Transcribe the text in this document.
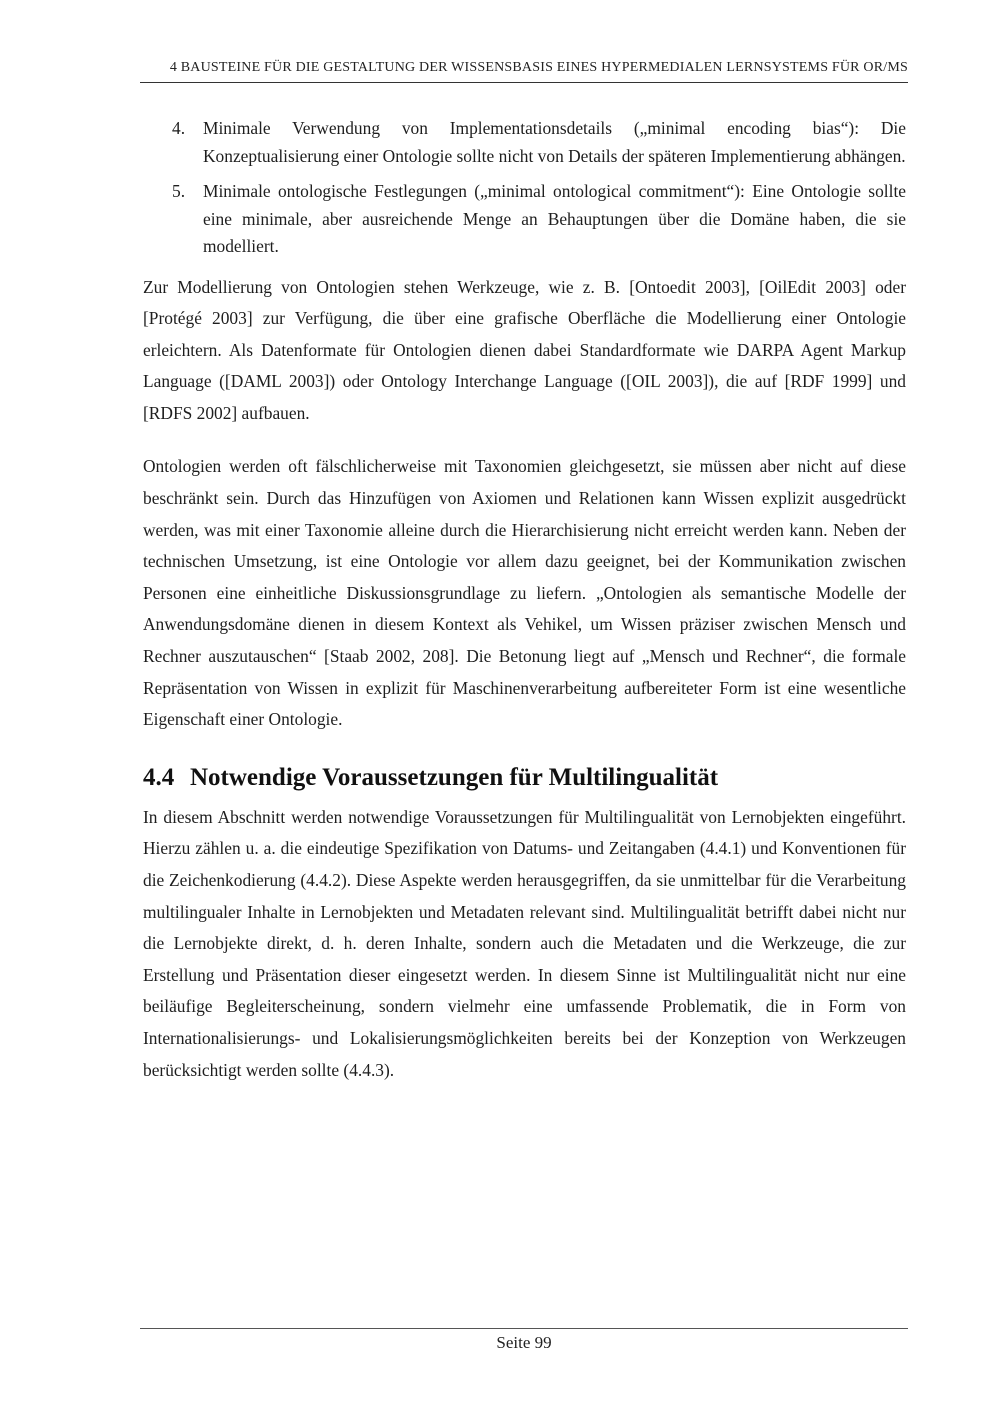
4 BAUSTEINE FÜR DIE GESTALTUNG DER WISSENSBASIS EINES HYPERMEDIALEN LERNSYSTEMS FÜR OR/MS
4.	Minimale Verwendung von Implementationsdetails („minimal encoding bias“): Die Konzeptualisierung einer Ontologie sollte nicht von Details der späteren Implementierung abhängen.
5.	Minimale ontologische Festlegungen („minimal ontological commitment“): Eine Ontologie sollte eine minimale, aber ausreichende Menge an Behauptungen über die Domäne haben, die sie modelliert.

Zur Modellierung von Ontologien stehen Werkzeuge, wie z. B. [Ontoedit 2003], [OilEdit 2003] oder [Protégé 2003] zur Verfügung, die über eine grafische Oberfläche die Modellierung einer Ontologie erleichtern. Als Datenformate für Ontologien dienen dabei Standardformate wie DARPA Agent Markup Language ([DAML 2003]) oder Ontology Interchange Language ([OIL 2003]), die auf [RDF 1999] und [RDFS 2002] aufbauen.

Ontologien werden oft fälschlicherweise mit Taxonomien gleichgesetzt, sie müssen aber nicht auf diese beschränkt sein. Durch das Hinzufügen von Axiomen und Relationen kann Wissen explizit ausgedrückt werden, was mit einer Taxonomie alleine durch die Hierarchisierung nicht erreicht werden kann. Neben der technischen Umsetzung, ist eine Ontologie vor allem dazu geeignet, bei der Kommunikation zwischen Personen eine einheitliche Diskussionsgrundlage zu liefern. „Ontologien als semantische Modelle der Anwendungsdomäne dienen in diesem Kontext als Vehikel, um Wissen präziser zwischen Mensch und Rechner auszutauschen“ [Staab 2002, 208]. Die Betonung liegt auf „Mensch und Rechner“, die formale Repräsentation von Wissen in explizit für Maschinenverarbeitung aufbereiteter Form ist eine wesentliche Eigenschaft einer Ontologie.

4.4 Notwendige Voraussetzungen für Multilingualität

In diesem Abschnitt werden notwendige Voraussetzungen für Multilingualität von Lernobjekten eingeführt. Hierzu zählen u. a. die eindeutige Spezifikation von Datums- und Zeitangaben (4.4.1) und Konventionen für die Zeichenkodierung (4.4.2). Diese Aspekte werden herausgegriffen, da sie unmittelbar für die Verarbeitung multilingualer Inhalte in Lernobjekten und Metadaten relevant sind. Multilingualität betrifft dabei nicht nur die Lernobjekte direkt, d. h. deren Inhalte, sondern auch die Metadaten und die Werkzeuge, die zur Erstellung und Präsentation dieser eingesetzt werden. In diesem Sinne ist Multilingualität nicht nur eine beiläufige Begleiterscheinung, sondern vielmehr eine umfassende Problematik, die in Form von Internationalisierungs- und Lokalisierungsmöglichkeiten bereits bei der Konzeption von Werkzeugen berücksichtigt werden sollte (4.4.3).

Seite 99
